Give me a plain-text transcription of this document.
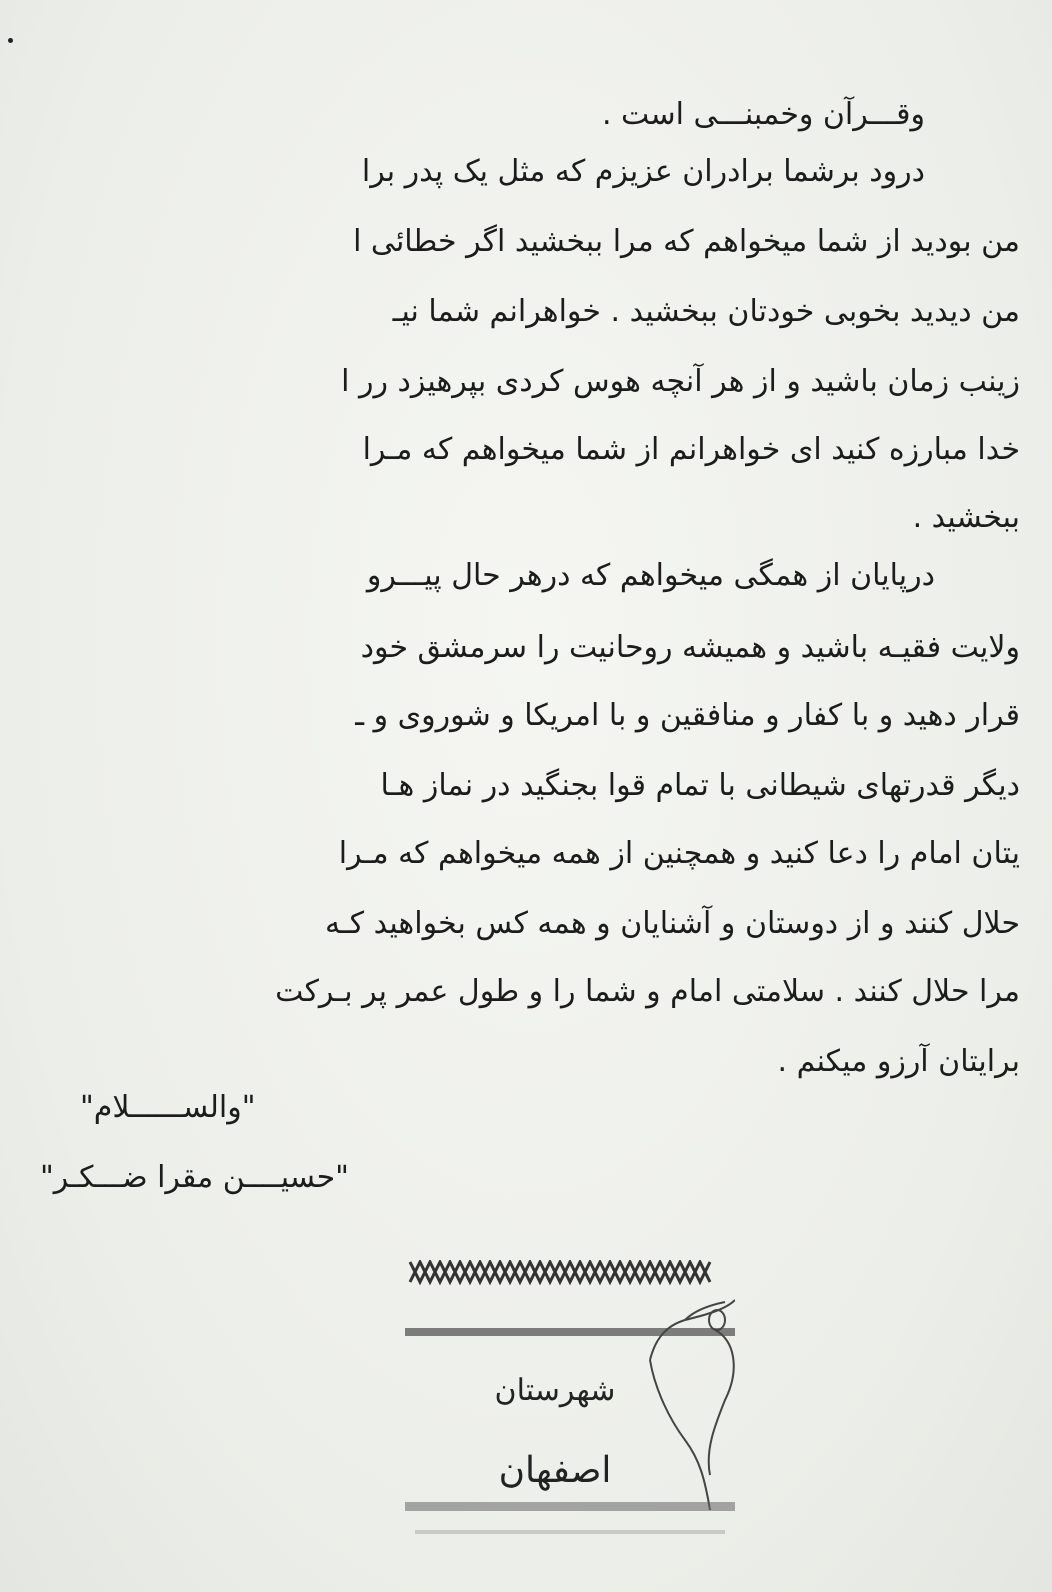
وقـــرآن وخمبنـــی است .
درود برشما برادران عزیزم که مثل یک پدر برا
من بودید از شما میخواهم که مرا ببخشید اگر خطائی ا
من دیدید بخوبی خودتان ببخشید . خواهرانم شما نیـ
زینب زمان باشید و از هر آنچه هوس کردی بپرهیزد رر ا
خدا مبارزه کنید ای خواهرانم از شما میخواهم که مـرا
ببخشید .
درپایان از همگی میخواهم که درهر حال پیـــرو
ولایت فقیـه باشید و همیشه روحانیت را سرمشق خود
قرار دهید و با کفار و منافقین و با امریکا و شوروی و ـ
دیگر قدرتهای شیطانی با تمام قوا بجنگید در نماز هـا
یتان امام را دعا کنید و همچنین از همه میخواهم که مـرا
حلال کنند و از دوستان و آشنایان و همه کس بخواهید کـه
مرا حلال کنند . سلامتی امام و شما را و طول عمر پر بـرکت
برایتان آرزو میکنم .
"والســــــلام"
"حسیــــن مقرا ضـــکـر"
شهرستان
اصفهان
